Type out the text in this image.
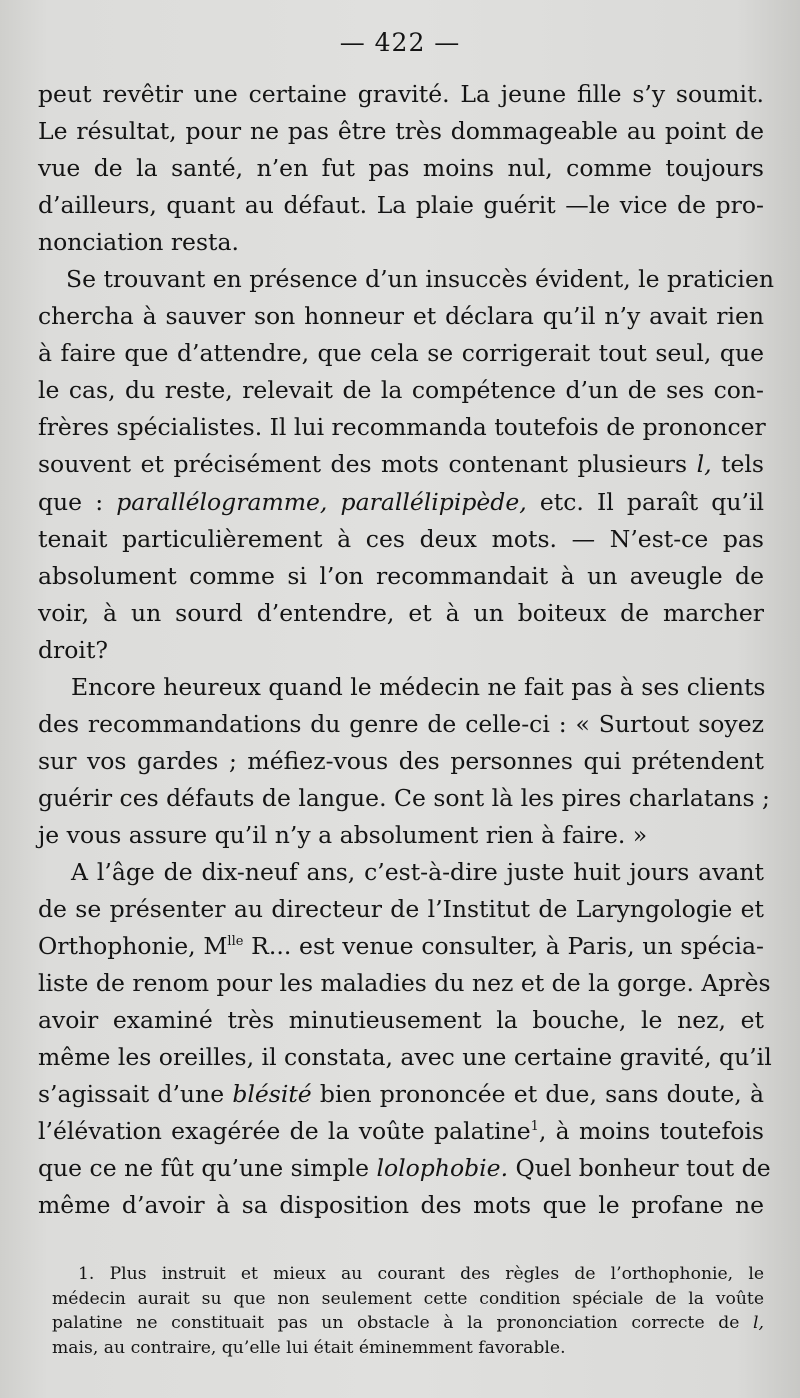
— 422 —
peut revêtir une certaine gravité. La jeune fille s’y soumit.
Le résultat, pour ne pas être très dommageable au point de
vue de la santé, n’en fut pas moins nul, comme toujours
d’ailleurs, quant au défaut. La plaie guérit —le vice de pro-
nonciation resta.
Se trouvant en présence d’un insuccès évident, le praticien
chercha à sauver son honneur et déclara qu’il n’y avait rien
à faire que d’attendre, que cela se corrigerait tout seul, que
le cas, du reste, relevait de la compétence d’un de ses con-
frères spécialistes. Il lui recommanda toutefois de prononcer
souvent et précisément des mots contenant plusieurs l, tels
que : parallélogramme, parallélipipède, etc. Il paraît qu’il
tenait particulièrement à ces deux mots. — N’est-ce pas
absolument comme si l’on recommandait à un aveugle de
voir, à un sourd d’entendre, et à un boiteux de marcher
droit?
Encore heureux quand le médecin ne fait pas à ses clients
des recommandations du genre de celle-ci : « Surtout soyez
sur vos gardes ; méfiez-vous des personnes qui prétendent
guérir ces défauts de langue. Ce sont là les pires charlatans ;
je vous assure qu’il n’y a absolument rien à faire. »
A l’âge de dix-neuf ans, c’est-à-dire juste huit jours avant
de se présenter au directeur de l’Institut de Laryngologie et
Orthophonie, $M^{lle}$ R... est venue consulter, à Paris, un spécia-
liste de renom pour les maladies du nez et de la gorge. Après
avoir examiné très minutieusement la bouche, le nez, et
même les oreilles, il constata, avec une certaine gravité, qu’il
s’agissait d’une blésité bien prononcée et due, sans doute, à
l’élévation exagérée de la voûte palatine$^1$, à moins toutefois
que ce ne fût qu’une simple lolophobie. Quel bonheur tout de
même d’avoir à sa disposition des mots que le profane ne
1. Plus instruit et mieux au courant des règles de l’orthophonie, le
médecin aurait su que non seulement cette condition spéciale de la voûte
palatine ne constituait pas un obstacle à la prononciation correcte de l,
mais, au contraire, qu’elle lui était éminemment favorable.
